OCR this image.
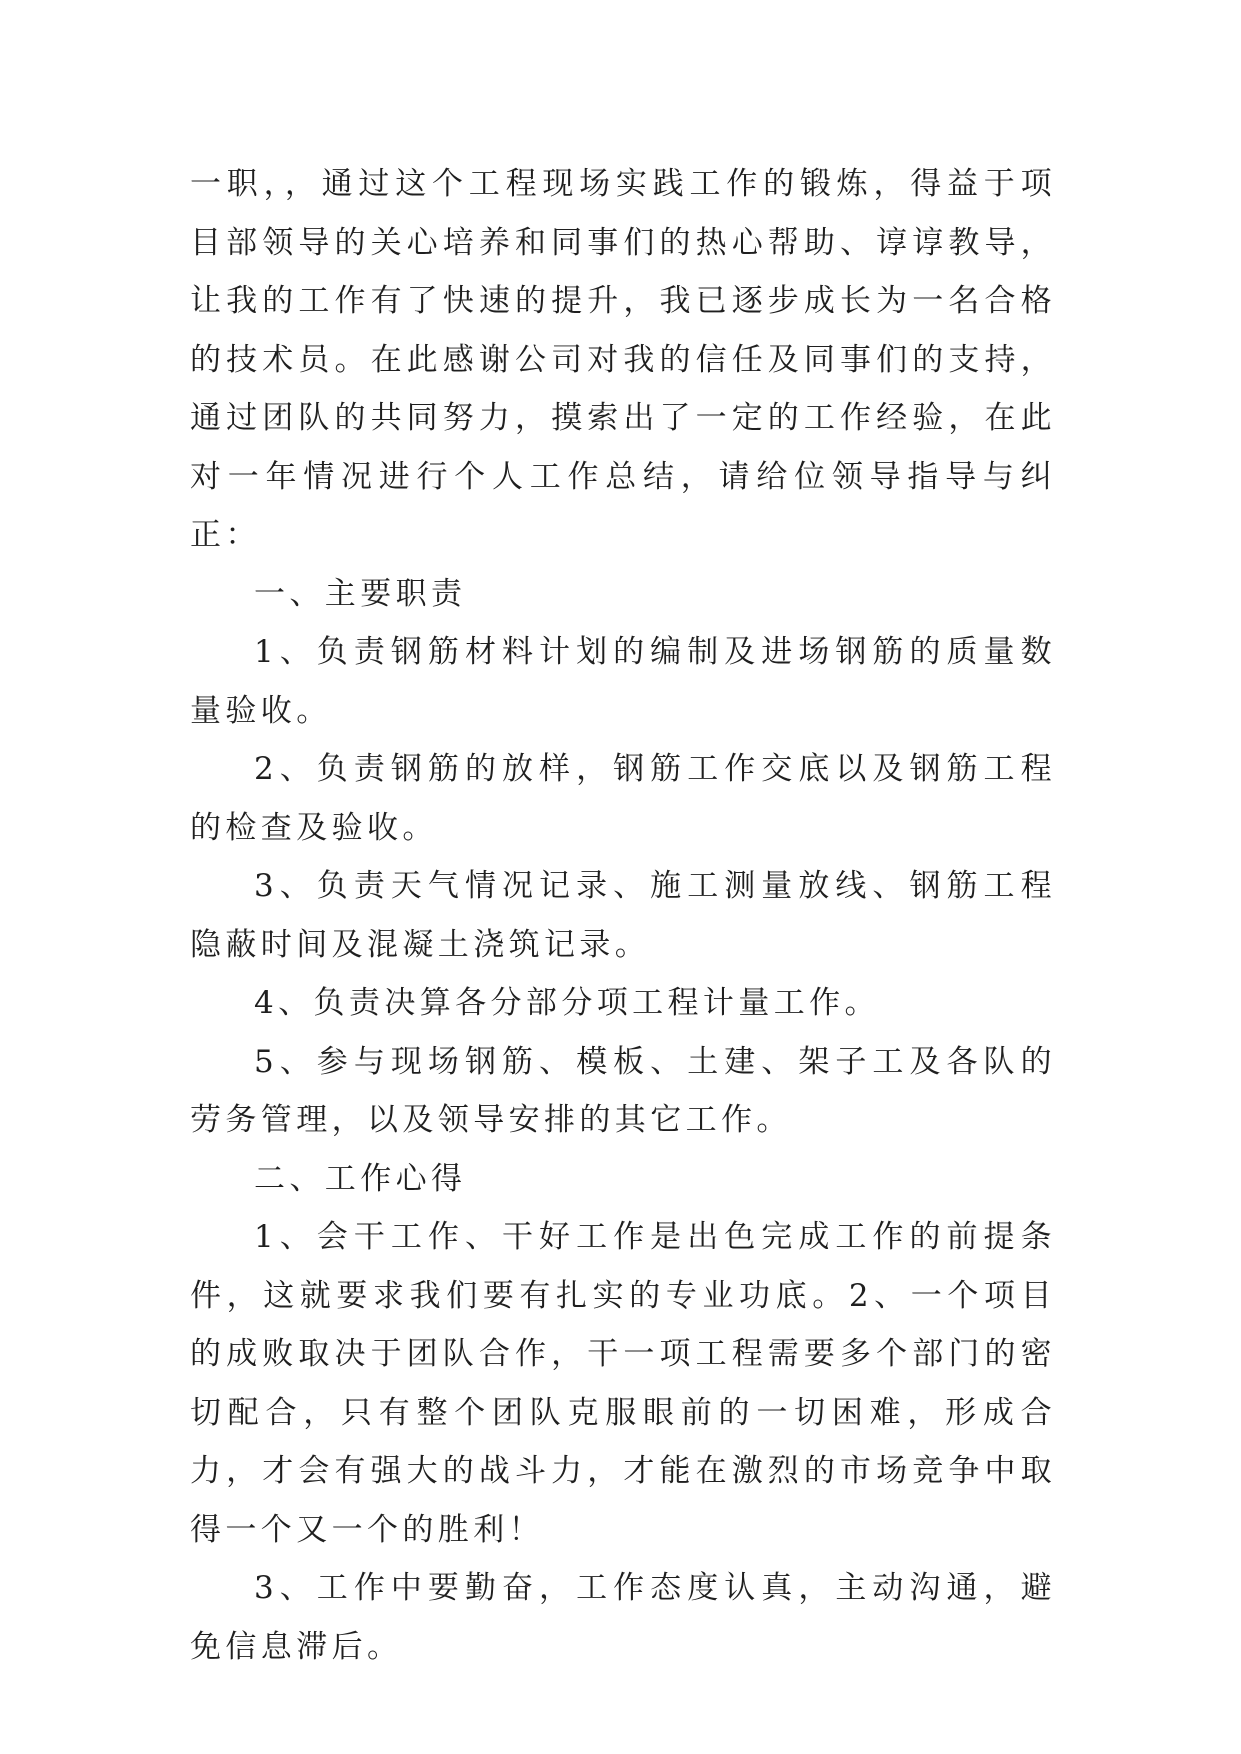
一职，，通过这个工程现场实践工作的锻炼，得益于项目部领导的关心培养和同事们的热心帮助、谆谆教导，让我的工作有了快速的提升，我已逐步成长为一名合格的技术员。在此感谢公司对我的信任及同事们的支持，通过团队的共同努力，摸索出了一定的工作经验，在此对一年情况进行个人工作总结，请给位领导指导与纠正：

一、主要职责

1、负责钢筋材料计划的编制及进场钢筋的质量数量验收。

2、负责钢筋的放样，钢筋工作交底以及钢筋工程的检查及验收。

3、负责天气情况记录、施工测量放线、钢筋工程隐蔽时间及混凝土浇筑记录。

4、负责决算各分部分项工程计量工作。

5、参与现场钢筋、模板、土建、架子工及各队的劳务管理，以及领导安排的其它工作。

二、工作心得

1、会干工作、干好工作是出色完成工作的前提条件，这就要求我们要有扎实的专业功底。2、一个项目的成败取决于团队合作，干一项工程需要多个部门的密切配合，只有整个团队克服眼前的一切困难，形成合力，才会有强大的战斗力，才能在激烈的市场竞争中取得一个又一个的胜利！

3、工作中要勤奋，工作态度认真，主动沟通，避免信息滞后。
